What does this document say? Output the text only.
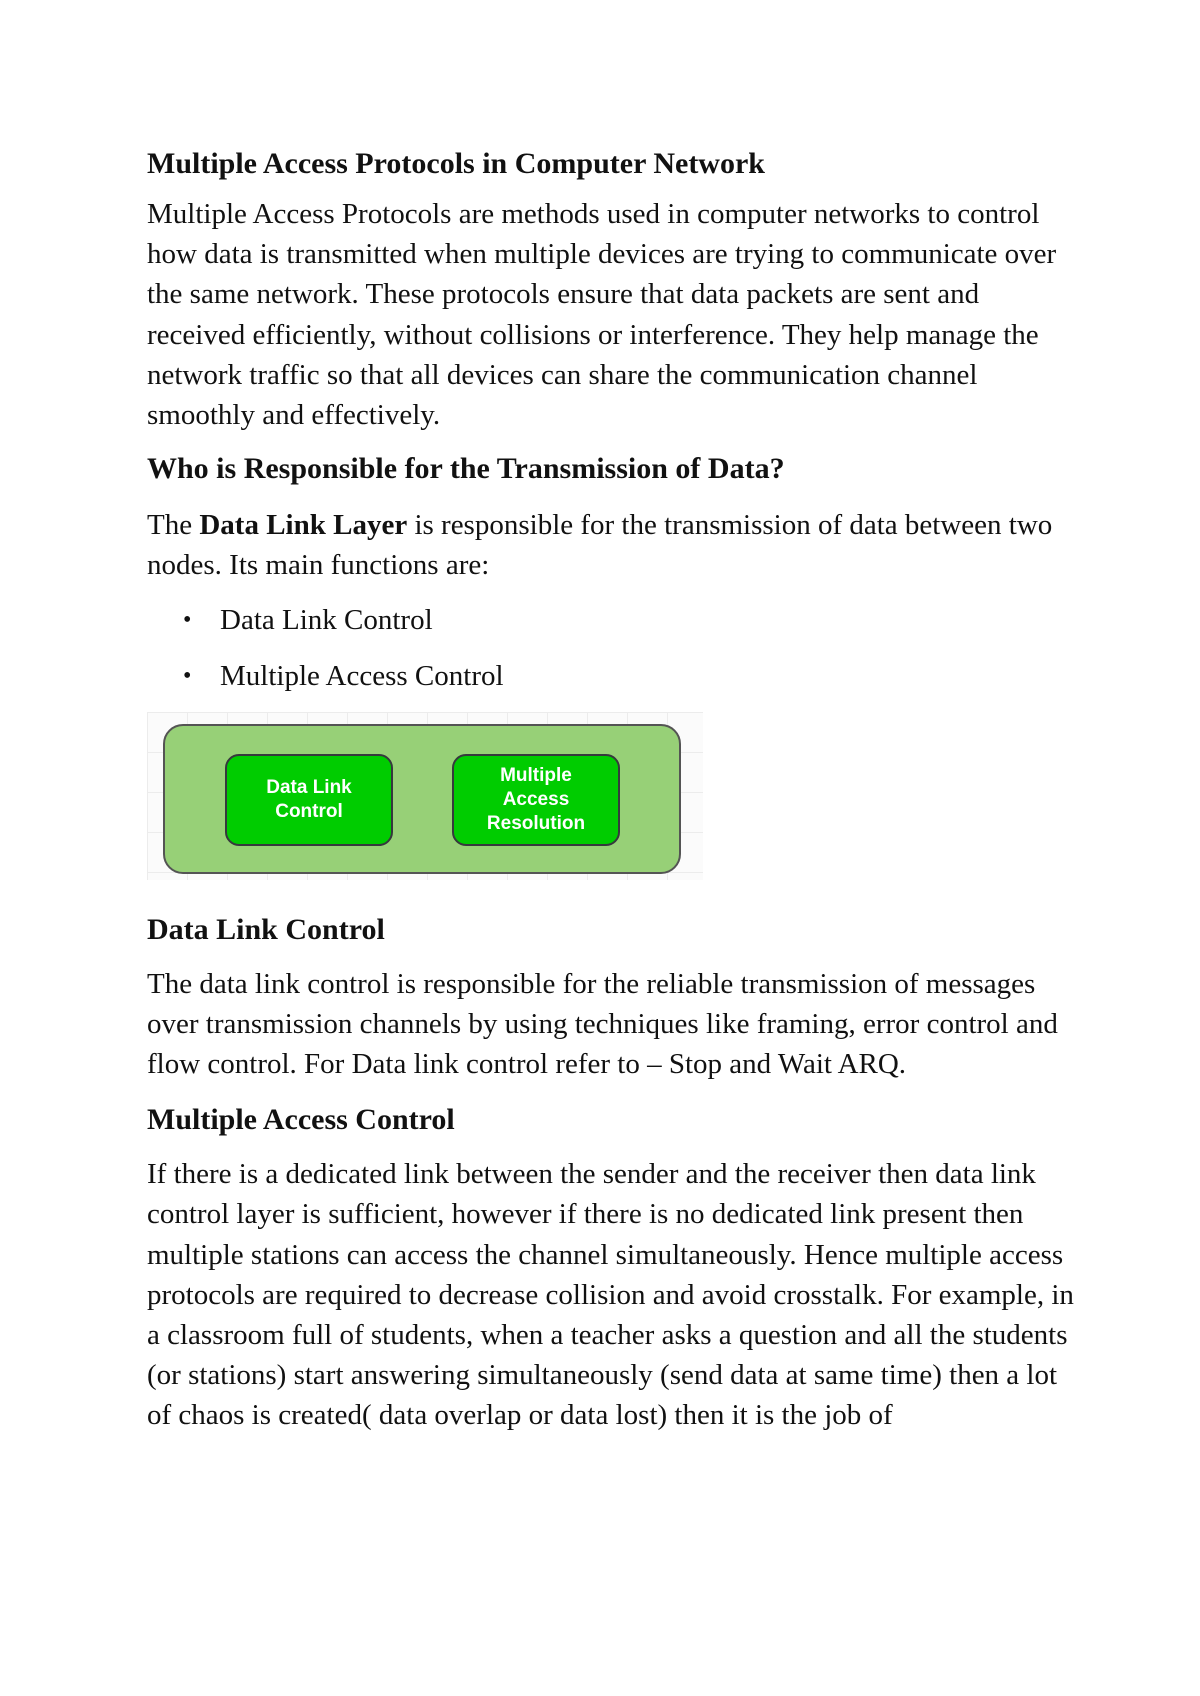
Multiple Access Protocols in Computer Network

Multiple Access Protocols are methods used in computer networks to control how data is transmitted when multiple devices are trying to communicate over the same network. These protocols ensure that data packets are sent and received efficiently, without collisions or interference. They help manage the network traffic so that all devices can share the communication channel smoothly and effectively.

Who is Responsible for the Transmission of Data?

The Data Link Layer is responsible for the transmission of data between two nodes. Its main functions are:

• Data Link Control
• Multiple Access Control
Data Link
Control
Multiple
Access
Resolution
Data Link Control

The data link control is responsible for the reliable transmission of messages over transmission channels by using techniques like framing, error control and flow control. For Data link control refer to – Stop and Wait ARQ.

Multiple Access Control

If there is a dedicated link between the sender and the receiver then data link control layer is sufficient, however if there is no dedicated link present then multiple stations can access the channel simultaneously. Hence multiple access protocols are required to decrease collision and avoid crosstalk. For example, in a classroom full of students, when a teacher asks a question and all the students (or stations) start answering simultaneously (send data at same time) then a lot of chaos is created( data overlap or data lost) then it is the job of
